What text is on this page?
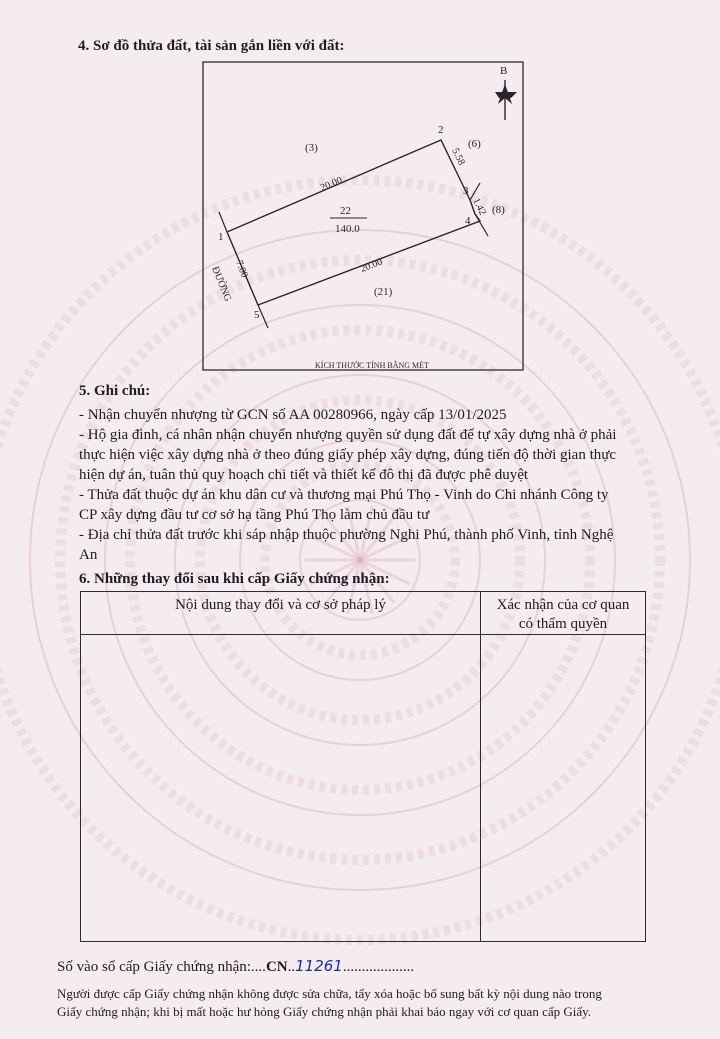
4. Sơ đồ thửa đất, tài sản gắn liền với đất:
B
22
140.0
1
2
3
4
5
20.00
5.58
1.42
20.00
7.00
ĐƯỜNG
(3)	(6)
(8)
(21)
KÍCH THƯỚC TÍNH BẰNG MÉT
5. Ghi chú:
- Nhận chuyển nhượng từ GCN số AA 00280966, ngày cấp 13/01/2025
- Hộ gia đình, cá nhân nhận chuyển nhượng quyền sử dụng đất để tự xây dựng nhà ở phải
thực hiện việc xây dựng nhà ở theo đúng giấy phép xây dựng, đúng tiến độ thời gian thực
hiện dự án, tuân thủ quy hoạch chi tiết và thiết kế đô thị đã được phê duyệt
- Thửa đất thuộc dự án khu dân cư và thương mại Phú Thọ - Vinh do Chi nhánh Công ty
CP xây dựng đầu tư cơ sở hạ tầng Phú Thọ làm chủ đầu tư
- Địa chỉ thửa đất trước khi sáp nhập thuộc phường Nghi Phú, thành phố Vinh, tỉnh Nghệ
An
6. Những thay đổi sau khi cấp Giấy chứng nhận:
Nội dung thay đổi và cơ sở pháp lý	Xác nhận của cơ quan
có thẩm quyền

Số vào sổ cấp Giấy chứng nhận:....CN..11261...................
Người được cấp Giấy chứng nhận không được sửa chữa, tẩy xóa hoặc bổ sung bất kỳ nội dung nào trong
Giấy chứng nhận; khi bị mất hoặc hư hỏng Giấy chứng nhận phải khai báo ngay với cơ quan cấp Giấy.
